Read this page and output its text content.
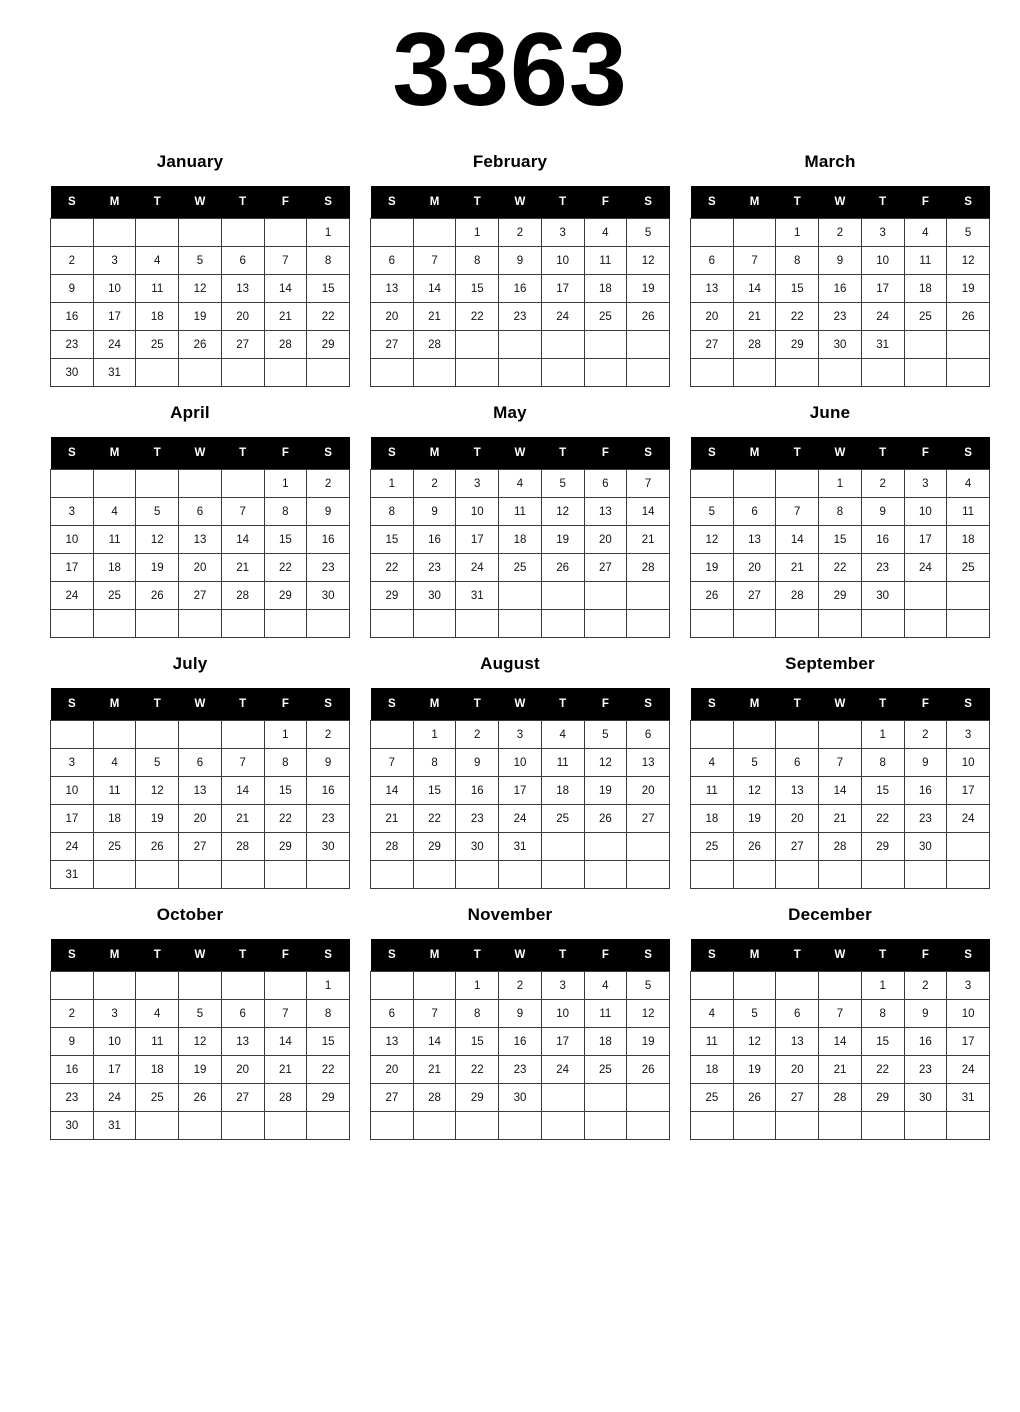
3363
January
S	M	T	W	T	F	S
						1
2	3	4	5	6	7	8
9	10	11	12	13	14	15
16	17	18	19	20	21	22
23	24	25	26	27	28	29
30	31					
February
S	M	T	W	T	F	S
		1	2	3	4	5
6	7	8	9	10	11	12
13	14	15	16	17	18	19
20	21	22	23	24	25	26
27	28					

March
S	M	T	W	T	F	S
		1	2	3	4	5
6	7	8	9	10	11	12
13	14	15	16	17	18	19
20	21	22	23	24	25	26
27	28	29	30	31		

April
S	M	T	W	T	F	S
					1	2
3	4	5	6	7	8	9
10	11	12	13	14	15	16
17	18	19	20	21	22	23
24	25	26	27	28	29	30

May
S	M	T	W	T	F	S
1	2	3	4	5	6	7
8	9	10	11	12	13	14
15	16	17	18	19	20	21
22	23	24	25	26	27	28
29	30	31				

June
S	M	T	W	T	F	S
			1	2	3	4
5	6	7	8	9	10	11
12	13	14	15	16	17	18
19	20	21	22	23	24	25
26	27	28	29	30		

July
S	M	T	W	T	F	S
					1	2
3	4	5	6	7	8	9
10	11	12	13	14	15	16
17	18	19	20	21	22	23
24	25	26	27	28	29	30
31						
August
S	M	T	W	T	F	S
	1	2	3	4	5	6
7	8	9	10	11	12	13
14	15	16	17	18	19	20
21	22	23	24	25	26	27
28	29	30	31			

September
S	M	T	W	T	F	S
				1	2	3
4	5	6	7	8	9	10
11	12	13	14	15	16	17
18	19	20	21	22	23	24
25	26	27	28	29	30	

October
S	M	T	W	T	F	S
						1
2	3	4	5	6	7	8
9	10	11	12	13	14	15
16	17	18	19	20	21	22
23	24	25	26	27	28	29
30	31					
November
S	M	T	W	T	F	S
		1	2	3	4	5
6	7	8	9	10	11	12
13	14	15	16	17	18	19
20	21	22	23	24	25	26
27	28	29	30			

December
S	M	T	W	T	F	S
				1	2	3
4	5	6	7	8	9	10
11	12	13	14	15	16	17
18	19	20	21	22	23	24
25	26	27	28	29	30	31
